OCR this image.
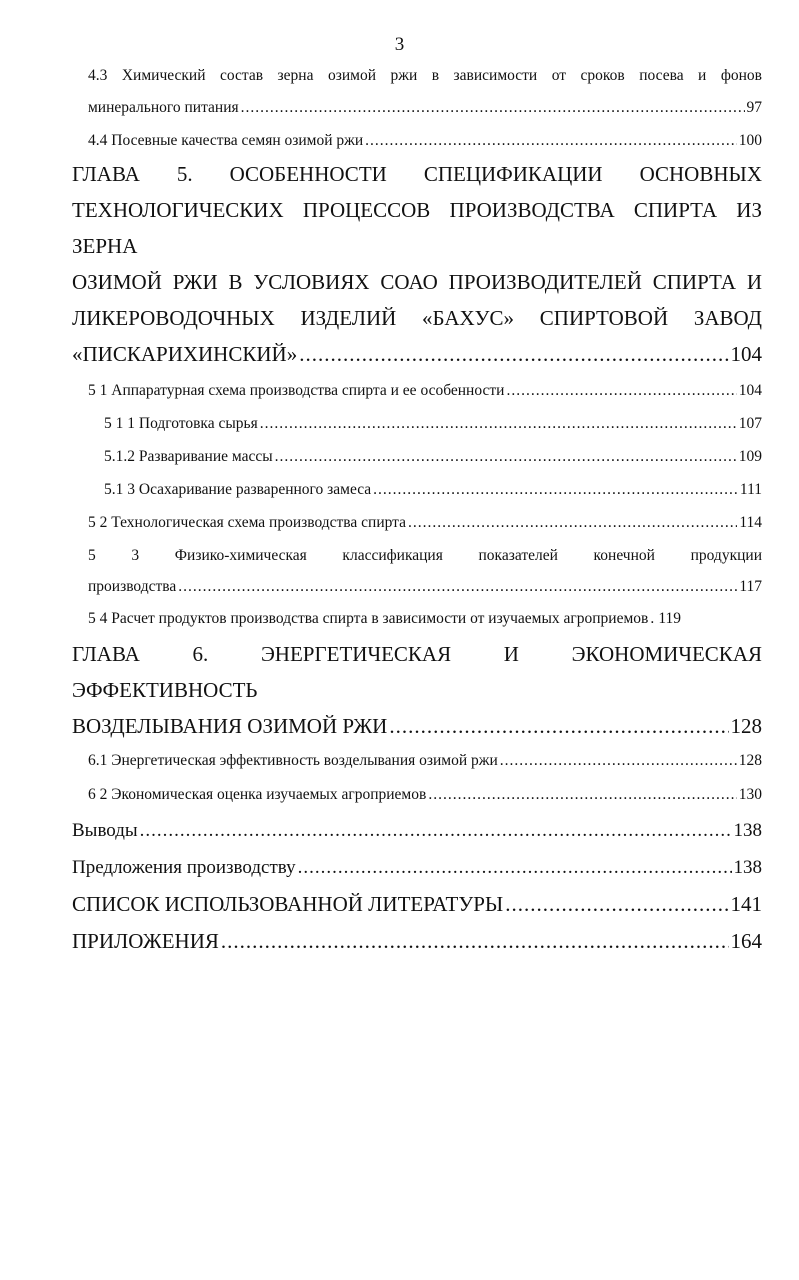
3
4.3 Химический состав зерна озимой ржи в зависимости от сроков посева и фонов
минерального питания .....	97
4.4 Посевные качества семян озимой ржи .....	100
ГЛАВА 5. ОСОБЕННОСТИ СПЕЦИФИКАЦИИ ОСНОВНЫХ
ТЕХНОЛОГИЧЕСКИХ ПРОЦЕССОВ ПРОИЗВОДСТВА СПИРТА ИЗ ЗЕРНА
ОЗИМОЙ РЖИ В УСЛОВИЯХ СОАО ПРОИЗВОДИТЕЛЕЙ СПИРТА И
ЛИКЕРОВОДОЧНЫХ ИЗДЕЛИЙ «БАХУС» СПИРТОВОЙ ЗАВОД
«ПИСКАРИХИНСКИЙ» .....	104
5 1 Аппаратурная схема производства спирта и ее особенности .....	104
5 1 1 Подготовка сырья .....	107
5.1.2 Разваривание массы .....	109
5.1 3 Осахаривание разваренного замеса .....	111
5 2 Технологическая схема производства спирта .....	114
5 3 Физико-химическая классификация показателей конечной продукции
производства .....	117
5 4 Расчет продуктов производства спирта в зависимости от изучаемых агроприемов ..... 119
ГЛАВА 6. ЭНЕРГЕТИЧЕСКАЯ И ЭКОНОМИЧЕСКАЯ ЭФФЕКТИВНОСТЬ
ВОЗДЕЛЫВАНИЯ ОЗИМОЙ РЖИ .....	128
6.1 Энергетическая эффективность возделывания озимой ржи .....	128
6 2 Экономическая оценка изучаемых агроприемов .....	130
Выводы .....	138
Предложения производству .....	138
СПИСОК ИСПОЛЬЗОВАННОЙ ЛИТЕРАТУРЫ .....	141
ПРИЛОЖЕНИЯ .....	164
